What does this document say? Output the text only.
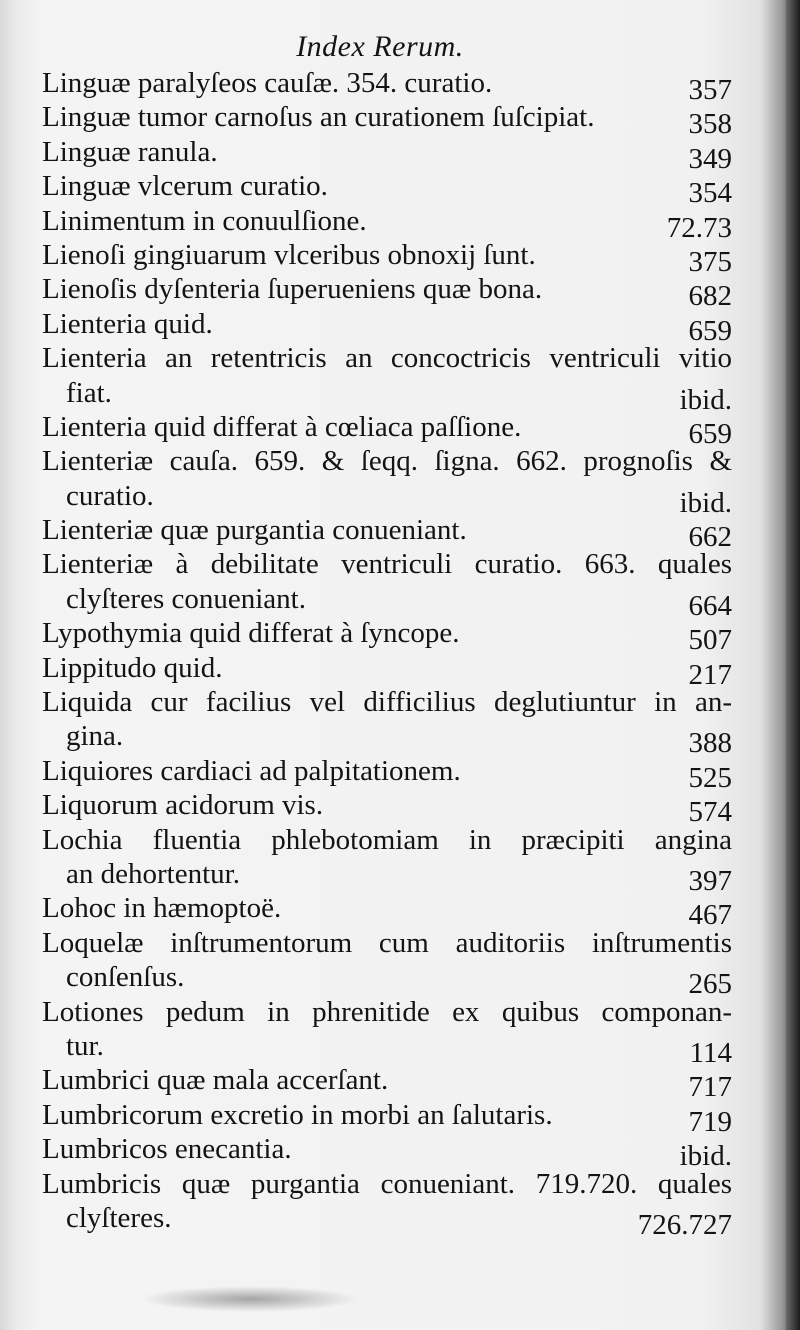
Index Rerum.
Linguæ paralyſeos cauſæ. 354. curatio.	357
Linguæ tumor carnoſus an curationem ſuſcipiat.	358
Linguæ ranula.	349
Linguæ vlcerum curatio.	354
Linimentum in conuulſione.	72.73
Lienoſi gingiuarum vlceribus obnoxij ſunt.	375
Lienoſis dyſenteria ſuperueniens quæ bona.	682
Lienteria quid.	659
Lienteria an retentricis an concoctricis ventriculi vitio
fiat.	ibid.
Lienteria quid differat à cœliaca paſſione.	659
Lienteriæ cauſa. 659. & ſeqq. ſigna. 662. prognoſis &
curatio.	ibid.
Lienteriæ quæ purgantia conueniant.	662
Lienteriæ à debilitate ventriculi curatio. 663. quales
clyſteres conueniant.	664
Lypothymia quid differat à ſyncope.	507
Lippitudo quid.	217
Liquida cur facilius vel difficilius deglutiuntur in an-
gina.	388
Liquiores cardiaci ad palpitationem.	525
Liquorum acidorum vis.	574
Lochia fluentia phlebotomiam in præcipiti angina
an dehortentur.	397
Lohoc in hæmoptoë.	467
Loquelæ inſtrumentorum cum auditoriis inſtrumentis
conſenſus.	265
Lotiones pedum in phrenitide ex quibus componan-
tur.	114
Lumbrici quæ mala accerſant.	717
Lumbricorum excretio in morbi an ſalutaris.	719
Lumbricos enecantia.	ibid.
Lumbricis quæ purgantia conueniant. 719.720. quales
clyſteres.	726.727
